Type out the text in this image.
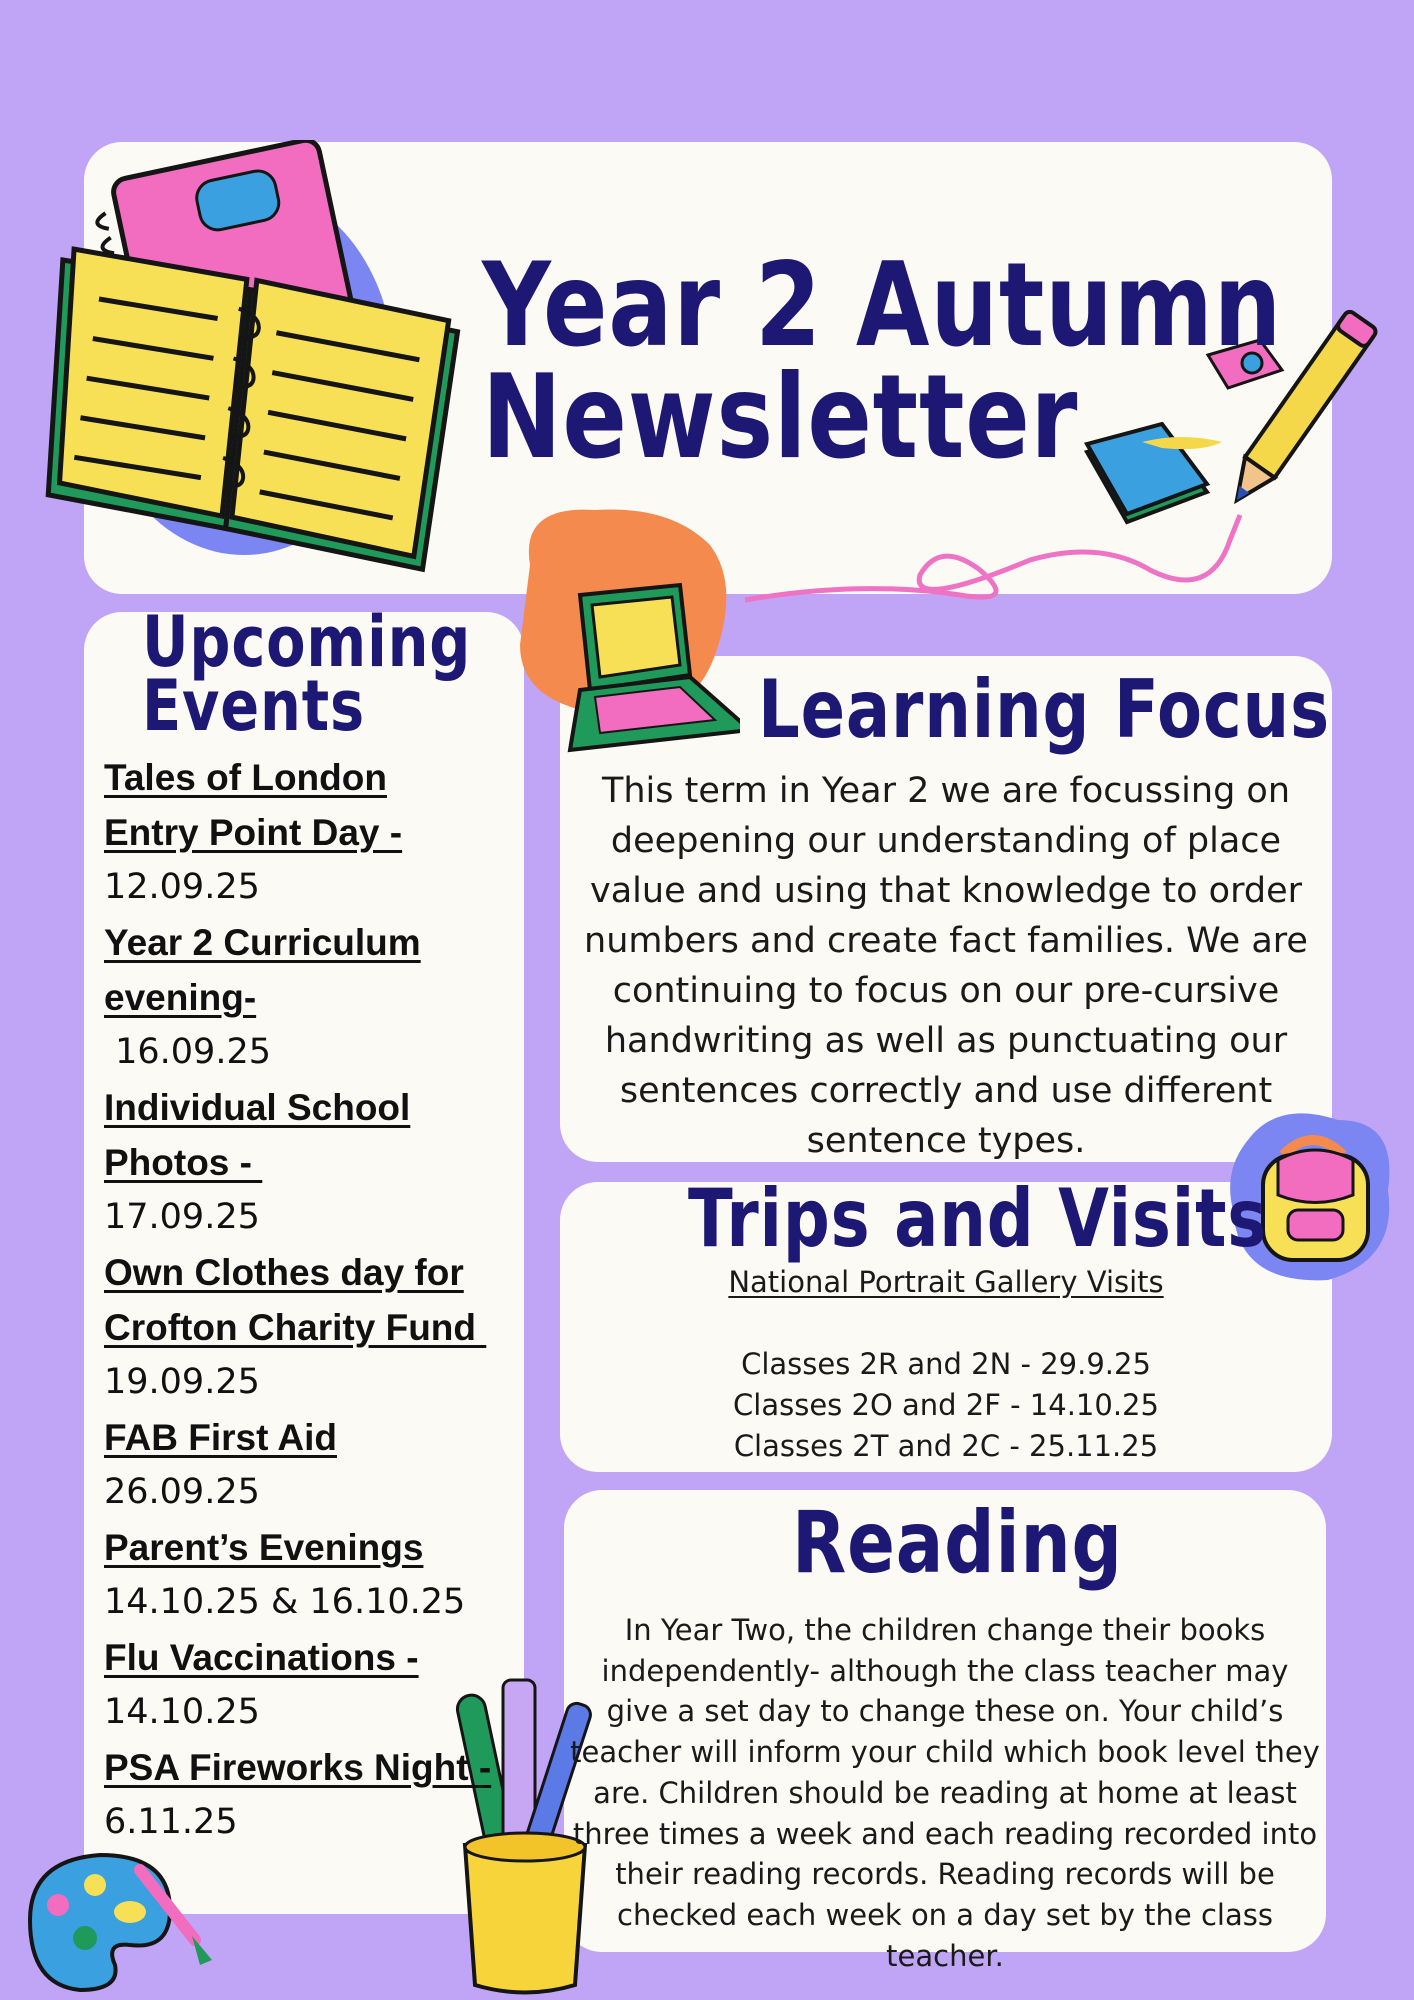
Year 2 Autumn
Newsletter
Upcoming
Events
Tales of London
Entry Point Day -
12.09.25
Year 2 Curriculum
evening-
16.09.25
Individual School
Photos -
17.09.25
Own Clothes day for
Crofton Charity Fund
19.09.25
FAB First Aid
26.09.25
Parent’s Evenings
14.10.25 & 16.10.25
Flu Vaccinations -
14.10.25
PSA Fireworks Night -
6.11.25
Learning Focus
This term in Year 2 we are focussing on deepening our understanding of place value and using that knowledge to order numbers and create fact families. We are continuing to focus on our pre-cursive handwriting as well as punctuating our sentences correctly and use different sentence types.
Trips and Visits
National Portrait Gallery Visits
Classes 2R and 2N - 29.9.25
Classes 2O and 2F - 14.10.25
Classes 2T and 2C - 25.11.25
Reading
In Year Two, the children change their books independently- although the class teacher may give a set day to change these on. Your child’s teacher will inform your child which book level they are. Children should be reading at home at least three times a week and each reading recorded into their reading records. Reading records will be checked each week on a day set by the class teacher.
